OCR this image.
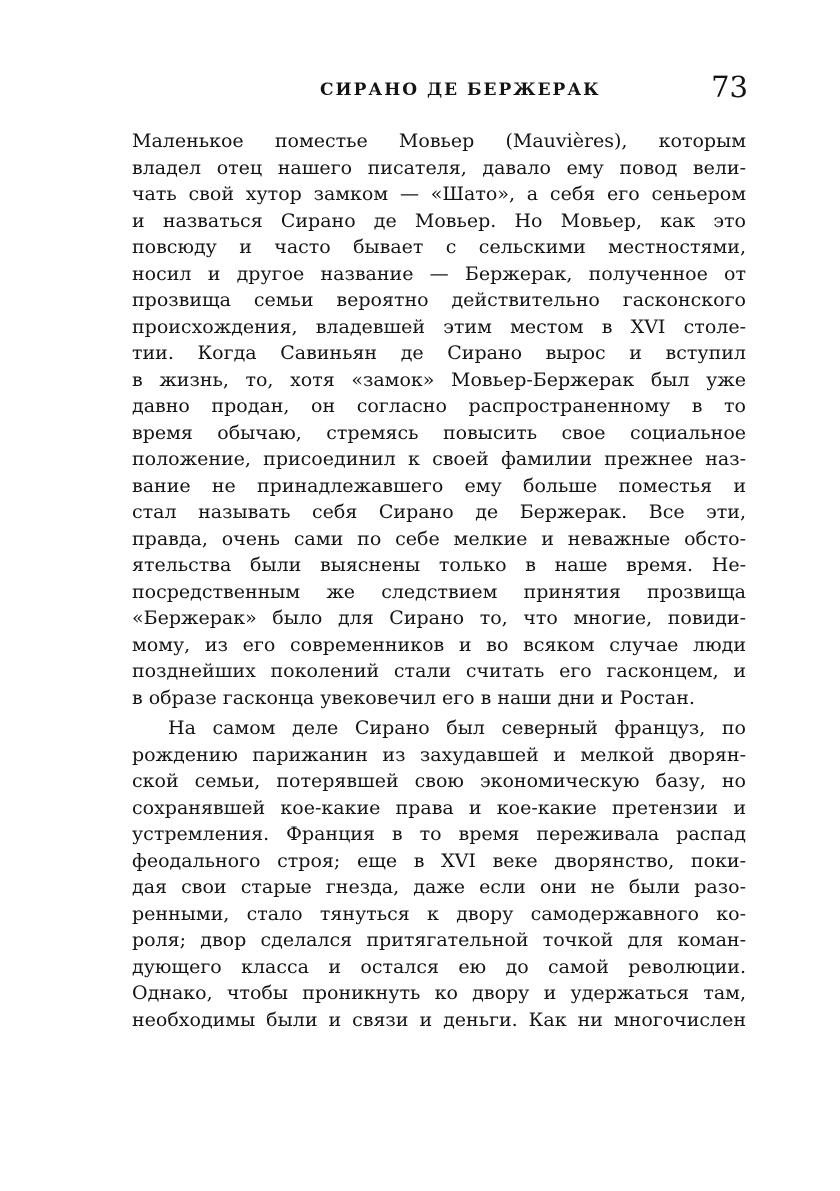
СИРАНО ДЕ БЕРЖЕРАК	73
Маленькое поместье Мовьер (Mauvières), которым
владел отец нашего писателя, давало ему повод вели-
чать свой хутор замком — «Шато», а себя его сеньером
и назваться Сирано де Мовьер. Но Мовьер, как это
повсюду и часто бывает с сельскими местностями,
носил и другое название — Бержерак, полученное от
прозвища семьи вероятно действительно гасконского
происхождения, владевшей этим местом в XVI столе-
тии. Когда Савиньян де Сирано вырос и вступил
в жизнь, то, хотя «замок» Мовьер-Бержерак был уже
давно продан, он согласно распространенному в то
время обычаю, стремясь повысить свое социальное
положение, присоединил к своей фамилии прежнее наз-
вание не принадлежавшего ему больше поместья и
стал называть себя Сирано де Бержерак. Все эти,
правда, очень сами по себе мелкие и неважные обсто-
ятельства были выяснены только в наше время. Не-
посредственным же следствием принятия прозвища
«Бержерак» было для Сирано то, что многие, повиди-
мому, из его современников и во всяком случае люди
позднейших поколений стали считать его гасконцем, и
в образе гасконца увековечил его в наши дни и Ростан.
На самом деле Сирано был северный француз, по
рождению парижанин из захудавшей и мелкой дворян-
ской семьи, потерявшей свою экономическую базу, но
сохранявшей кое-какие права и кое-какие претензии и
устремления. Франция в то время переживала распад
феодального строя; еще в XVI веке дворянство, поки-
дая свои старые гнезда, даже если они не были разо-
ренными, стало тянуться к двору самодержавного ко-
роля; двор сделался притягательной точкой для коман-
дующего класса и остался ею до самой революции.
Однако, чтобы проникнуть ко двору и удержаться там,
необходимы были и связи и деньги. Как ни многочислен
